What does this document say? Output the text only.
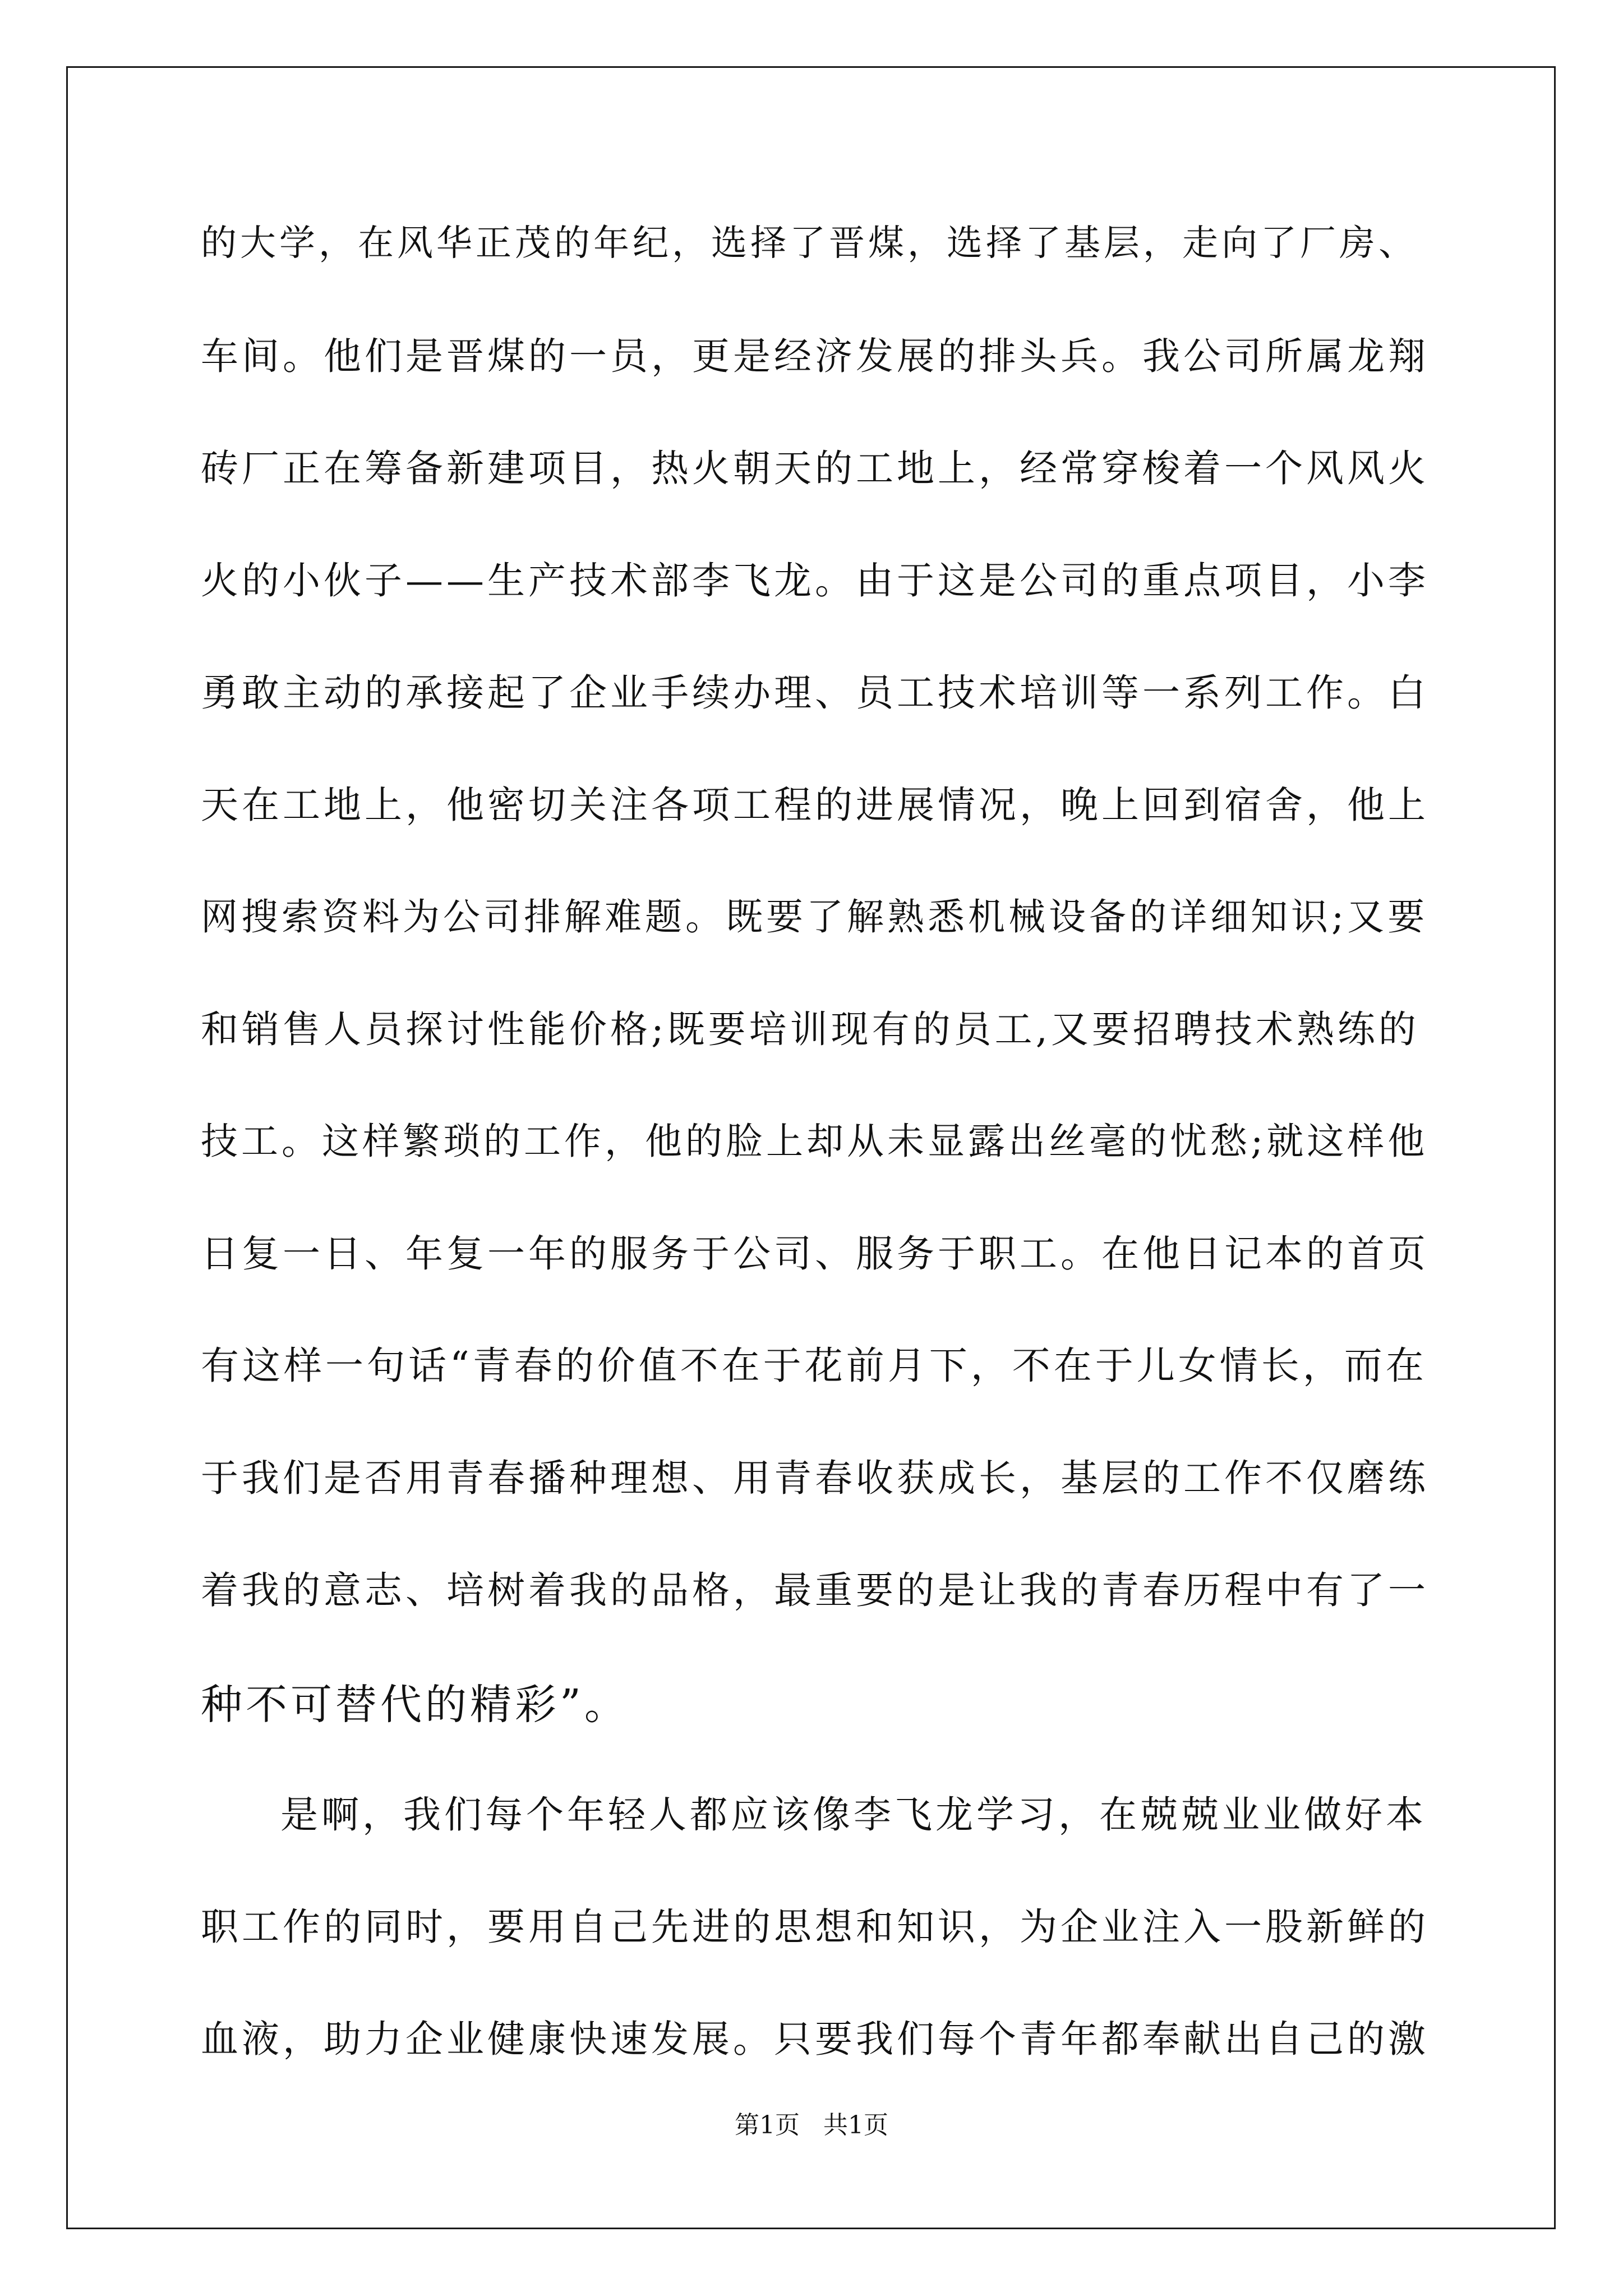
的大学，在风华正茂的年纪，选择了晋煤，选择了基层，走向了厂房、
车间。他们是晋煤的一员，更是经济发展的排头兵。我公司所属龙翔
砖厂正在筹备新建项目，热火朝天的工地上，经常穿梭着一个风风火
火的小伙子——生产技术部李飞龙。由于这是公司的重点项目，小李
勇敢主动的承接起了企业手续办理、员工技术培训等一系列工作。白
天在工地上，他密切关注各项工程的进展情况，晚上回到宿舍，他上
网搜索资料为公司排解难题。既要了解熟悉机械设备的详细知识;又要
和销售人员探讨性能价格;既要培训现有的员工,又要招聘技术熟练的
技工。这样繁琐的工作，他的脸上却从未显露出丝毫的忧愁;就这样他
日复一日、年复一年的服务于公司、服务于职工。在他日记本的首页
有这样一句话“青春的价值不在于花前月下，不在于儿女情长，而在
于我们是否用青春播种理想、用青春收获成长，基层的工作不仅磨练
着我的意志、培树着我的品格，最重要的是让我的青春历程中有了一
种不可替代的精彩”。
是啊，我们每个年轻人都应该像李飞龙学习，在兢兢业业做好本
职工作的同时，要用自己先进的思想和知识，为企业注入一股新鲜的
血液，助力企业健康快速发展。只要我们每个青年都奉献出自己的激
第1页   共1页
